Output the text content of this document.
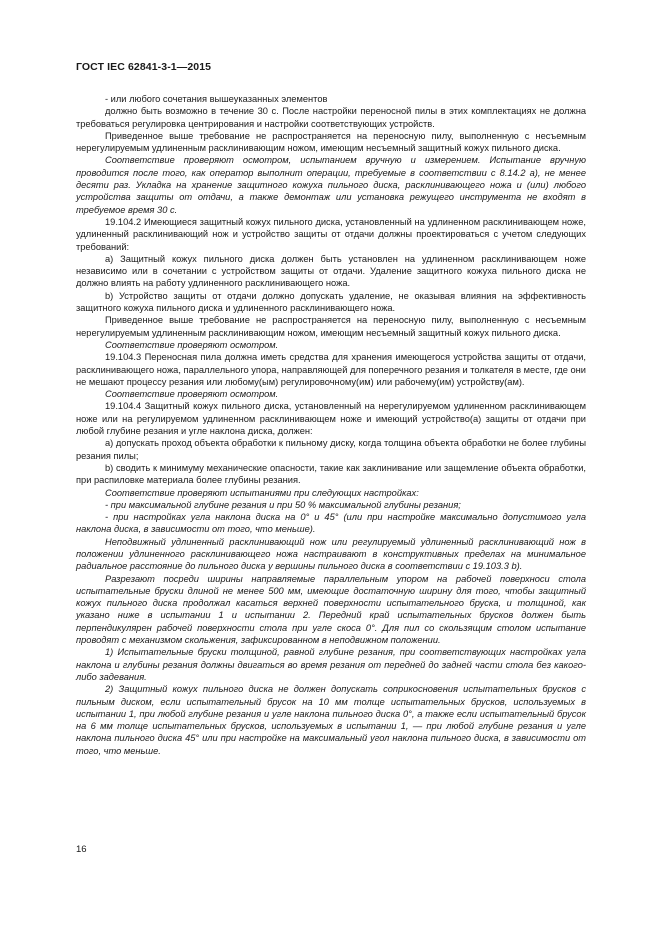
ГОСТ IEC 62841-3-1—2015

- или любого сочетания вышеуказанных элементов

должно быть возможно в течение 30 с. После настройки переносной пилы в этих комплектациях не должна требоваться регулировка центрирования и настройки соответствующих устройств.

Приведенное выше требование не распространяется на переносную пилу, выполненную с несъемным нерегулируемым удлиненным расклинивающим ножом, имеющим несъемный защитный кожух пильного диска.

Соответствие проверяют осмотром, испытанием вручную и измерением. Испытание вручную проводится после того, как оператор выполнит операции, требуемые в соответствии с 8.14.2 а), не менее десяти раз. Укладка на хранение защитного кожуха пильного диска, расклинивающего ножа и (или) любого устройства защиты от отдачи, а также демонтаж или установка режущего инструмента не входят в требуемое время 30 с.

19.104.2 Имеющиеся защитный кожух пильного диска, установленный на удлиненном расклинивающем ноже, удлиненный расклинивающий нож и устройство защиты от отдачи должны проектироваться с учетом следующих требований:

a) Защитный кожух пильного диска должен быть установлен на удлиненном расклинивающем ноже независимо или в сочетании с устройством защиты от отдачи. Удаление защитного кожуха пильного диска не должно влиять на работу удлиненного расклинивающего ножа.

b) Устройство защиты от отдачи должно допускать удаление, не оказывая влияния на эффективность защитного кожуха пильного диска и удлиненного расклинивающего ножа.

Приведенное выше требование не распространяется на переносную пилу, выполненную с несъемным нерегулируемым удлиненным расклинивающим ножом, имеющим несъемный защитный кожух пильного диска.

Соответствие проверяют осмотром.

19.104.3 Переносная пила должна иметь средства для хранения имеющегося устройства защиты от отдачи, расклинивающего ножа, параллельного упора, направляющей для поперечного резания и толкателя в месте, где они не мешают процессу резания или любому(ым) регулировочному(им) или рабочему(им) устройству(ам).

Соответствие проверяют осмотром.

19.104.4 Защитный кожух пильного диска, установленный на нерегулируемом удлиненном расклинивающем ноже или на регулируемом удлиненном расклинивающем ноже и имеющий устройство(а) защиты от отдачи при любой глубине резания и угле наклона диска, должен:

a) допускать проход объекта обработки к пильному диску, когда толщина объекта обработки не более глубины резания пилы;

b) сводить к минимуму механические опасности, такие как заклинивание или защемление объекта обработки, при распиловке материала более глубины резания.

Соответствие проверяют испытаниями при следующих настройках:

- при максимальной глубине резания и при 50 % максимальной глубины резания;

- при настройках угла наклона диска на 0° и 45° (или при настройке максимально допустимого угла наклона диска, в зависимости от того, что меньше).

Неподвижный удлиненный расклинивающий нож или регулируемый удлиненный расклинивающий нож в положении удлиненного расклинивающего ножа настраивают в конструктивных пределах на минимальное радиальное расстояние до пильного диска у вершины пильного диска в соответствии с 19.103.3 b).

Разрезают посреди ширины направляемые параллельным упором на рабочей поверхноси стола испытательные бруски длиной не менее 500 мм, имеющие достаточную ширину для того, чтобы защитный кожух пильного диска продолжал касаться верхней поверхности испытательного бруска, и толщиной, как указано ниже в испытании 1 и испытании 2. Передний край испытательных брусков должен быть перпендикулярен рабочей поверхности стола при угле скоса 0°. Для пил со скользящим столом испытание проводят с механизмом скольжения, зафиксированном в неподвижном положении.

1) Испытательные бруски толщиной, равной глубине резания, при соответствующих настройках угла наклона и глубины резания должны двигаться во время резания от передней до задней части стола без какого-либо задевания.

2) Защитный кожух пильного диска не должен допускать соприкосновения испытательных брусков с пильным диском, если испытательный брусок на 10 мм толще испытательных брусков, используемых в испытании 1, при любой глубине резания и угле наклона пильного диска 0°, а также если испытательный брусок на 6 мм толще испытательных брусков, используемых в испытании 1, — при любой глубине резания и угле наклона пильного диска 45° или при настройке на максимальный угол наклона пильного диска, в зависимости от того, что меньше.

16
